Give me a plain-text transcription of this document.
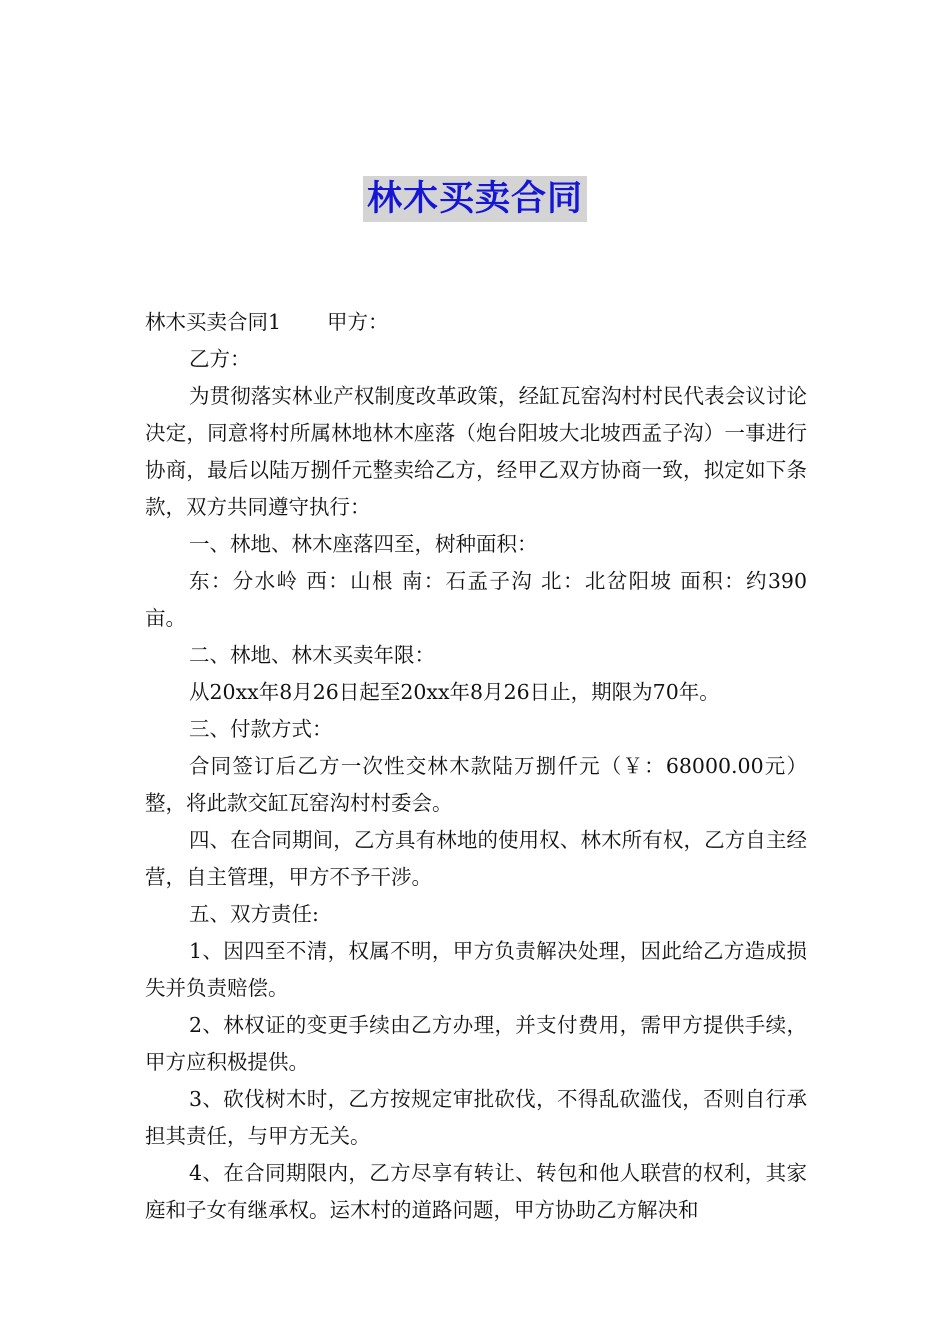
林木买卖合同

林木买卖合同1 甲方：

乙方：

为贯彻落实林业产权制度改革政策，经缸瓦窑沟村村民代表会议讨论决定，同意将村所属林地林木座落（炮台阳坡大北坡西孟子沟）一事进行协商，最后以陆万捌仟元整卖给乙方，经甲乙双方协商一致，拟定如下条款，双方共同遵守执行：

一、林地、林木座落四至，树种面积：

东：分水岭 西：山根 南：石孟子沟 北：北岔阳坡 面积：约390亩。

二、林地、林木买卖年限：

从20xx年8月26日起至20xx年8月26日止，期限为70年。

三、付款方式：

合同签订后乙方一次性交林木款陆万捌仟元（￥：68000.00元）整，将此款交缸瓦窑沟村村委会。

四、在合同期间，乙方具有林地的使用权、林木所有权，乙方自主经营，自主管理，甲方不予干涉。

五、双方责任:

1、因四至不清，权属不明，甲方负责解决处理，因此给乙方造成损失并负责赔偿。

2、林权证的变更手续由乙方办理，并支付费用，需甲方提供手续，甲方应积极提供。

3、砍伐树木时，乙方按规定审批砍伐，不得乱砍滥伐，否则自行承担其责任，与甲方无关。

4、在合同期限内，乙方尽享有转让、转包和他人联营的权利，其家庭和子女有继承权。运木村的道路问题，甲方协助乙方解决和
